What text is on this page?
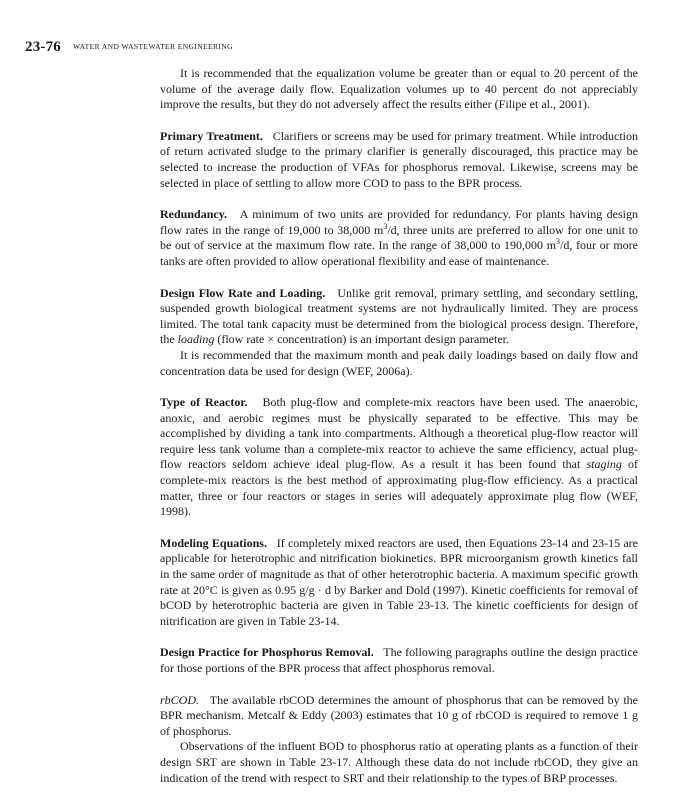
23-76 WATER AND WASTEWATER ENGINEERING

It is recommended that the equalization volume be greater than or equal to 20 percent of the volume of the average daily flow. Equalization volumes up to 40 percent do not appreciably improve the results, but they do not adversely affect the results either (Filipe et al., 2001).

Primary Treatment. Clarifiers or screens may be used for primary treatment. While introduction of return activated sludge to the primary clarifier is generally discouraged, this practice may be selected to increase the production of VFAs for phosphorus removal. Likewise, screens may be selected in place of settling to allow more COD to pass to the BPR process.

Redundancy. A minimum of two units are provided for redundancy. For plants having design flow rates in the range of 19,000 to 38,000 $m^3/d$, three units are preferred to allow for one unit to be out of service at the maximum flow rate. In the range of 38,000 to 190,000 $m^3/d$, four or more tanks are often provided to allow operational flexibility and ease of maintenance.

Design Flow Rate and Loading. Unlike grit removal, primary settling, and secondary settling, suspended growth biological treatment systems are not hydraulically limited. They are process limited. The total tank capacity must be determined from the biological process design. Therefore, the loading (flow rate × concentration) is an important design parameter.

It is recommended that the maximum month and peak daily loadings based on daily flow and concentration data be used for design (WEF, 2006a).

Type of Reactor. Both plug-flow and complete-mix reactors have been used. The anaerobic, anoxic, and aerobic regimes must be physically separated to be effective. This may be accomplished by dividing a tank into compartments. Although a theoretical plug-flow reactor will require less tank volume than a complete-mix reactor to achieve the same efficiency, actual plug-flow reactors seldom achieve ideal plug-flow. As a result it has been found that staging of complete-mix reactors is the best method of approximating plug-flow efficiency. As a practical matter, three or four reactors or stages in series will adequately approximate plug flow (WEF, 1998).

Modeling Equations. If completely mixed reactors are used, then Equations 23-14 and 23-15 are applicable for heterotrophic and nitrification biokinetics. BPR microorganism growth kinetics fall in the same order of magnitude as that of other heterotrophic bacteria. A maximum specific growth rate at 20°C is given as 0.95 g/g · d by Barker and Dold (1997). Kinetic coefficients for removal of bCOD by heterotrophic bacteria are given in Table 23-13. The kinetic coefficients for design of nitrification are given in Table 23-14.

Design Practice for Phosphorus Removal. The following paragraphs outline the design practice for those portions of the BPR process that affect phosphorus removal.

rbCOD. The available rbCOD determines the amount of phosphorus that can be removed by the BPR mechanism. Metcalf & Eddy (2003) estimates that 10 g of rbCOD is required to remove 1 g of phosphorus.

Observations of the influent BOD to phosphorus ratio at operating plants as a function of their design SRT are shown in Table 23-17. Although these data do not include rbCOD, they give an indication of the trend with respect to SRT and their relationship to the types of BRP processes.
